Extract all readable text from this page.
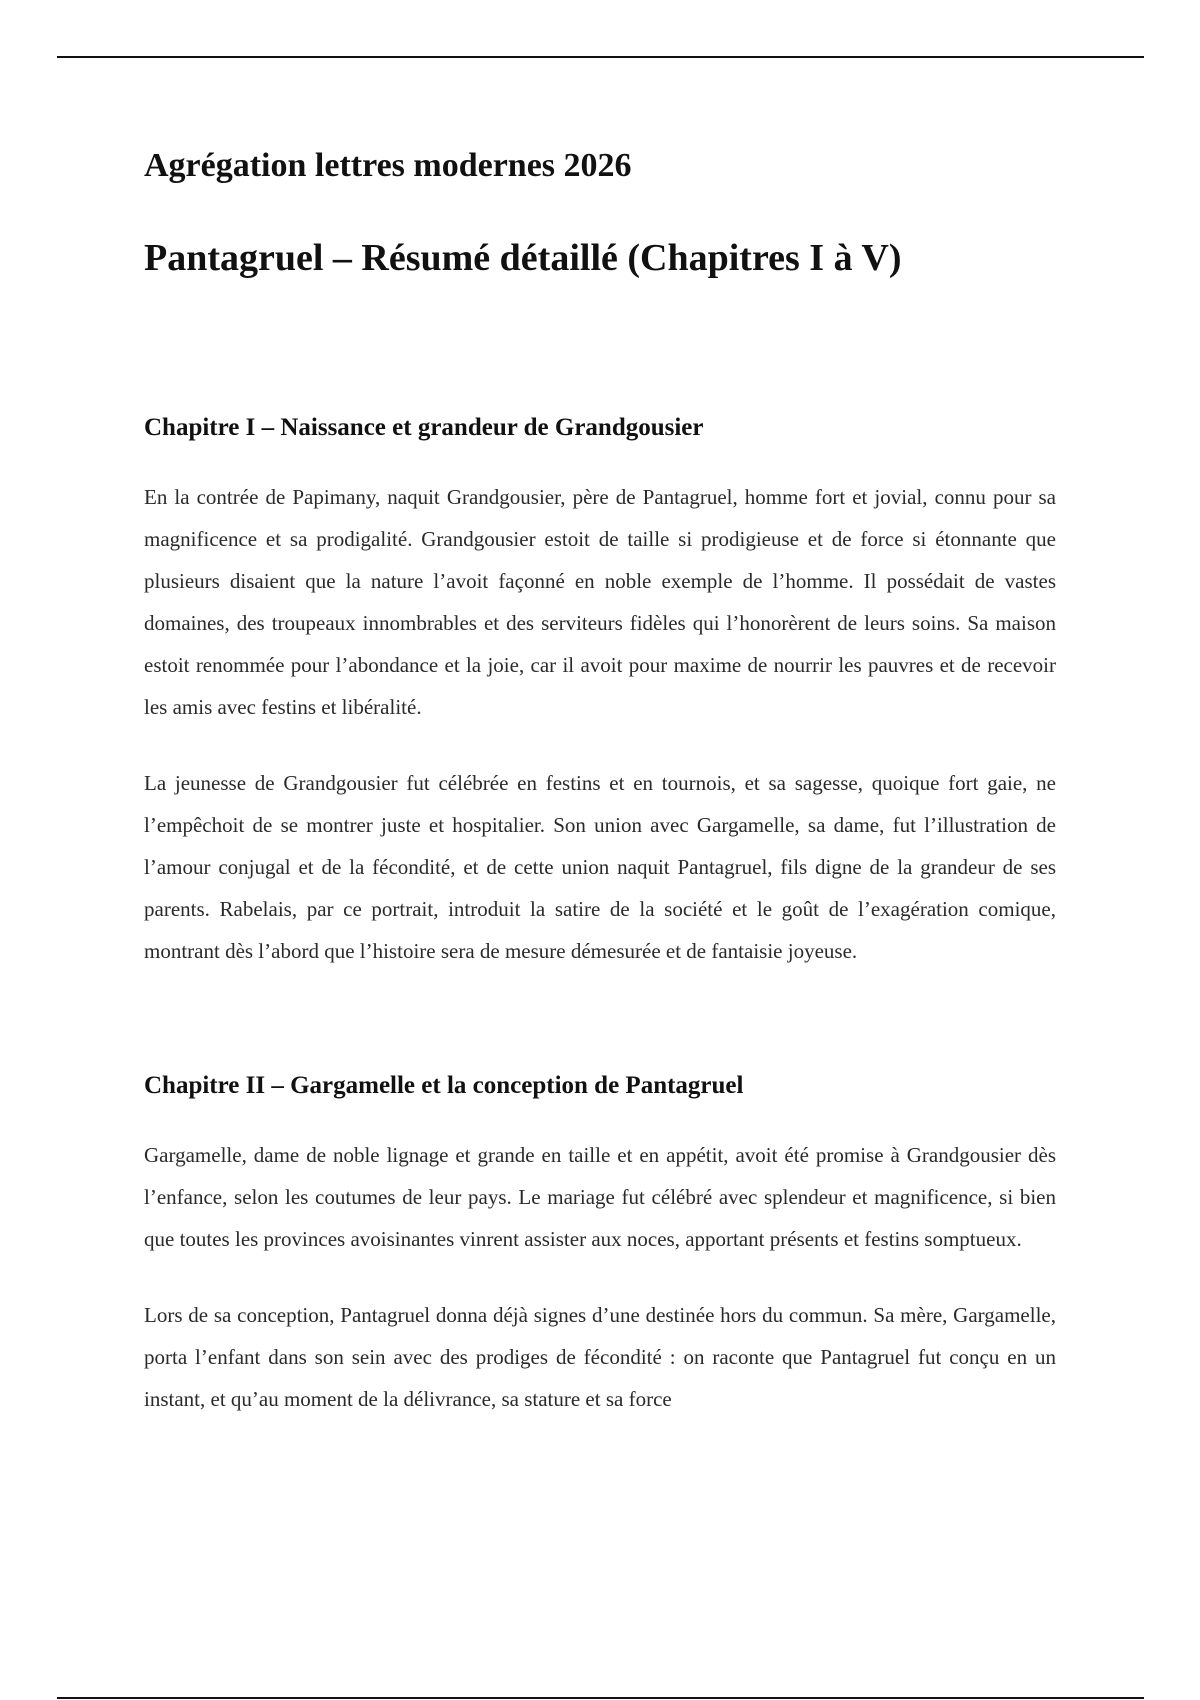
Agrégation lettres modernes 2026
Pantagruel – Résumé détaillé (Chapitres I à V)
Chapitre I – Naissance et grandeur de Grandgousier

En la contrée de Papimany, naquit Grandgousier, père de Pantagruel, homme fort et jovial, connu pour sa magnificence et sa prodigalité. Grandgousier estoit de taille si prodigieuse et de force si étonnante que plusieurs disaient que la nature l’avoit façonné en noble exemple de l’homme. Il possédait de vastes domaines, des troupeaux innombrables et des serviteurs fidèles qui l’honorèrent de leurs soins. Sa maison estoit renommée pour l’abondance et la joie, car il avoit pour maxime de nourrir les pauvres et de recevoir les amis avec festins et libéralité.

La jeunesse de Grandgousier fut célébrée en festins et en tournois, et sa sagesse, quoique fort gaie, ne l’empêchoit de se montrer juste et hospitalier. Son union avec Gargamelle, sa dame, fut l’illustration de l’amour conjugal et de la fécondité, et de cette union naquit Pantagruel, fils digne de la grandeur de ses parents. Rabelais, par ce portrait, introduit la satire de la société et le goût de l’exagération comique, montrant dès l’abord que l’histoire sera de mesure démesurée et de fantaisie joyeuse.

Chapitre II – Gargamelle et la conception de Pantagruel

Gargamelle, dame de noble lignage et grande en taille et en appétit, avoit été promise à Grandgousier dès l’enfance, selon les coutumes de leur pays. Le mariage fut célébré avec splendeur et magnificence, si bien que toutes les provinces avoisinantes vinrent assister aux noces, apportant présents et festins somptueux.

Lors de sa conception, Pantagruel donna déjà signes d’une destinée hors du commun. Sa mère, Gargamelle, porta l’enfant dans son sein avec des prodiges de fécondité : on raconte que Pantagruel fut conçu en un instant, et qu’au moment de la délivrance, sa stature et sa force
